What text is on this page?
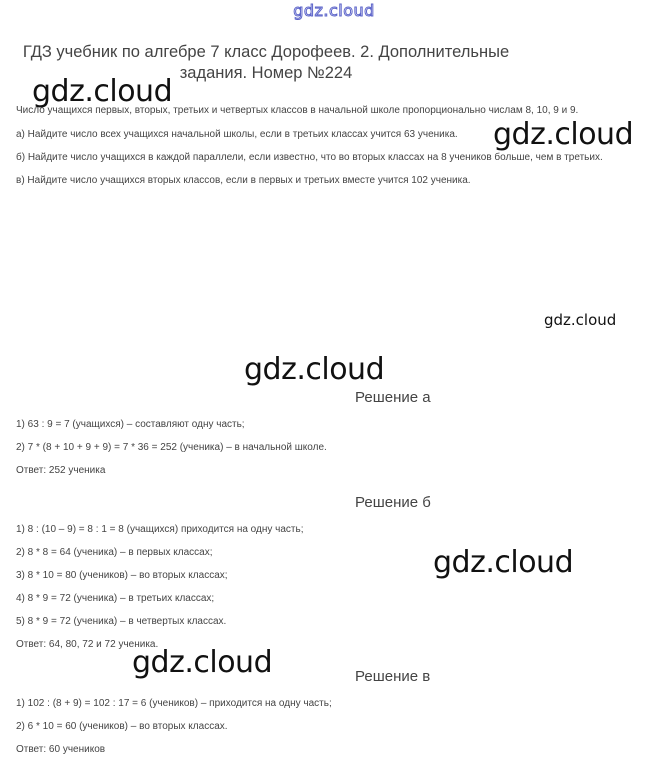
gdz.cloud
ГДЗ учебник по алгебре 7 класс Дорофеев. 2. Дополнительные
задания. Номер №224
Число учащихся первых, вторых, третьих и четвертых классов в начальной школе пропорционально числам 8, 10, 9 и 9.
а) Найдите число всех учащихся начальной школы, если в третьих классах учится 63 ученика.
б) Найдите число учащихся в каждой параллели, если известно, что во вторых классах на 8 учеников больше, чем в третьих.
в) Найдите число учащихся вторых классов, если в первых и третьих вместе учится 102 ученика.
gdz.cloud
gdz.cloud
gdz.cloud
gdz.cloud
gdz.cloud
gdz.cloud
Решение а
1) 63 : 9 = 7 (учащихся) – составляют одну часть;
2) 7 * (8 + 10 + 9 + 9) = 7 * 36 = 252 (ученика) – в начальной школе.
Ответ: 252 ученика
Решение б
1) 8 : (10 – 9) = 8 : 1 = 8 (учащихся) приходится на одну часть;
2) 8 * 8 = 64 (ученика) – в первых классах;
3) 8 * 10 = 80 (учеников) – во вторых классах;
4) 8 * 9 = 72 (ученика) – в третьих классах;
5) 8 * 9 = 72 (ученика) – в четвертых классах.
Ответ: 64, 80, 72 и 72 ученика.
Решение в
1) 102 : (8 + 9) = 102 : 17 = 6 (учеников) – приходится на одну часть;
2) 6 * 10 = 60 (учеников) – во вторых классах.
Ответ: 60 учеников
